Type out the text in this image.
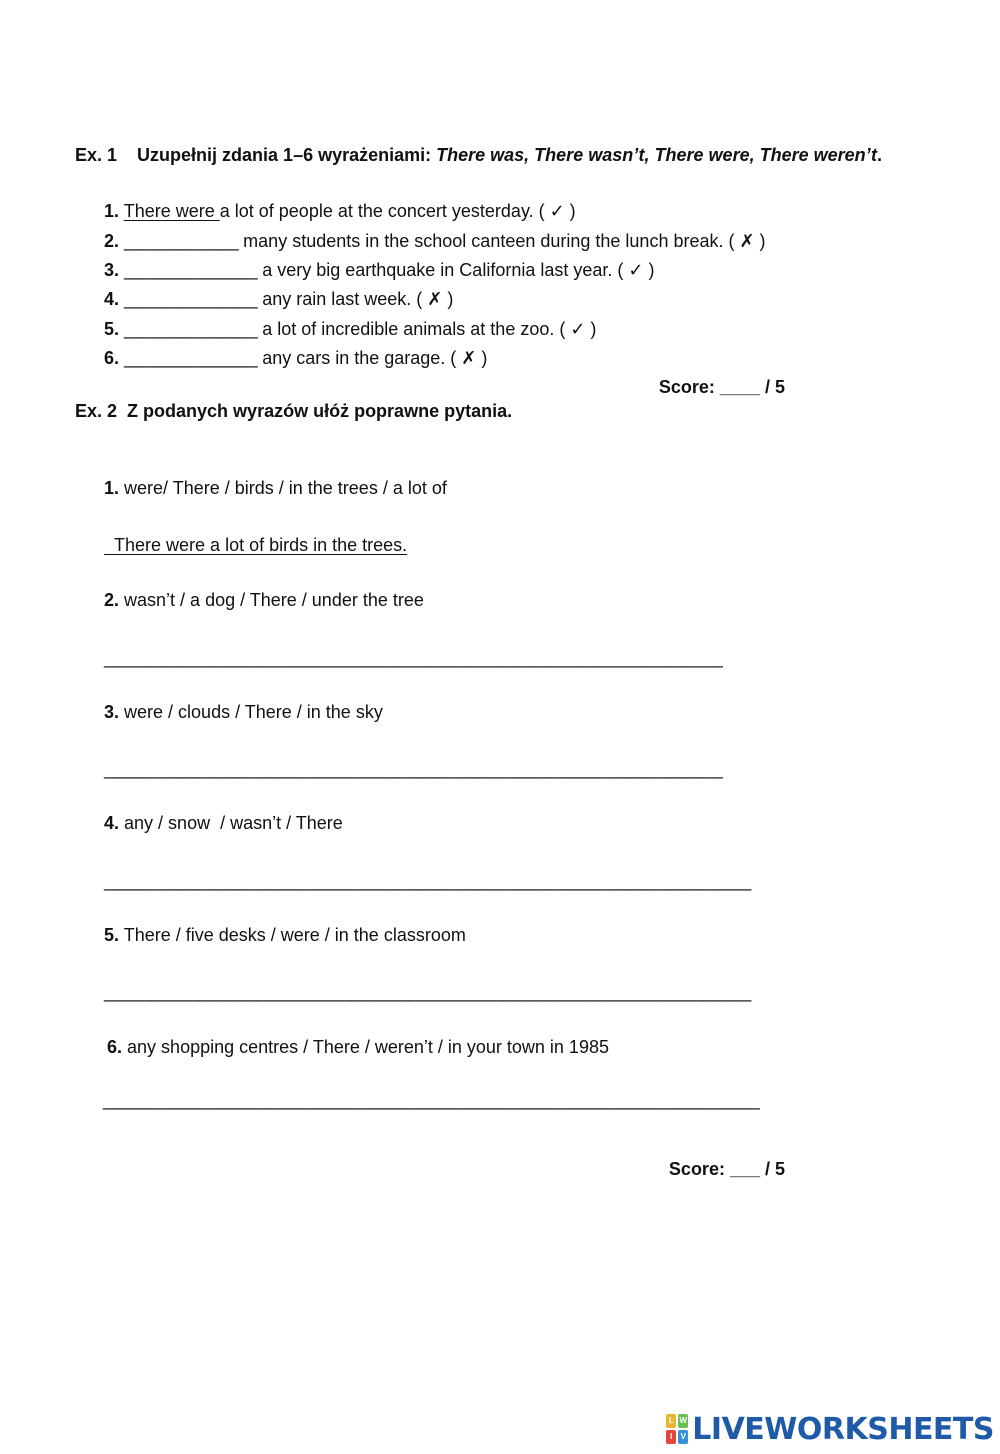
Ex. 1 Uzupełnij zdania 1–6 wyrażeniami: There was, There wasn’t, There were, There weren’t.
1. There were a lot of people at the concert yesterday. ( ✓ )
2. ____________ many students in the school canteen during the lunch break. ( ✗ )
3. ______________ a very big earthquake in California last year. ( ✓ )
4. ______________ any rain last week. ( ✗ )
5. ______________ a lot of incredible animals at the zoo. ( ✓ )
6. ______________ any cars in the garage. ( ✗ )
Score: ____ / 5
Ex. 2 Z podanych wyrazów ułóż poprawne pytania.
1. were/ There / birds / in the trees / a lot of
There were a lot of birds in the trees.
2. wasn’t / a dog / There / under the tree
_________________________________________________________________
3. were / clouds / There / in the sky
_________________________________________________________________
4. any / snow  / wasn’t / There
____________________________________________________________________
5. There / five desks / were / in the classroom
____________________________________________________________________
6. any shopping centres / There / weren’t / in your town in 1985
_____________________________________________________________________
Score: ___ / 5
L W
I	V LIVEWORKSHEETS
